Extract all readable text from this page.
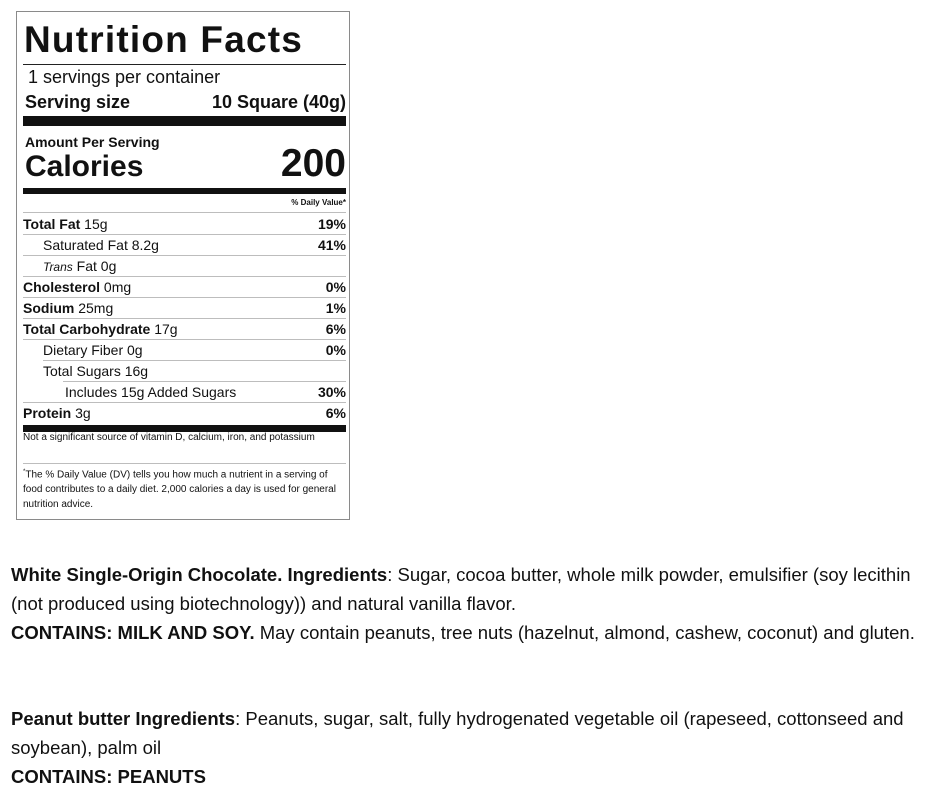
Nutrition Facts
1 servings per container
Serving size	10 Square (40g)
Amount Per Serving
Calories	200
% Daily Value*
Total Fat 15g	19%
Saturated Fat 8.2g	41%
Trans Fat 0g
Cholesterol 0mg	0%
Sodium 25mg	1%
Total Carbohydrate 17g	6%
Dietary Fiber 0g	0%
Total Sugars 16g
Includes 15g Added Sugars	30%
Protein 3g	6%
Not a significant source of vitamin D, calcium, iron, and potassium
*The % Daily Value (DV) tells you how much a nutrient in a serving of food contributes to a daily diet. 2,000 calories a day is used for general nutrition advice.
White Single-Origin Chocolate. Ingredients: Sugar, cocoa butter, whole milk powder, emulsifier (soy lecithin (not produced using biotechnology)) and natural vanilla flavor.
CONTAINS: MILK AND SOY. May contain peanuts, tree nuts (hazelnut, almond, cashew, coconut) and gluten.
Peanut butter Ingredients: Peanuts, sugar, salt, fully hydrogenated vegetable oil (rapeseed, cottonseed and soybean), palm oil
CONTAINS: PEANUTS
